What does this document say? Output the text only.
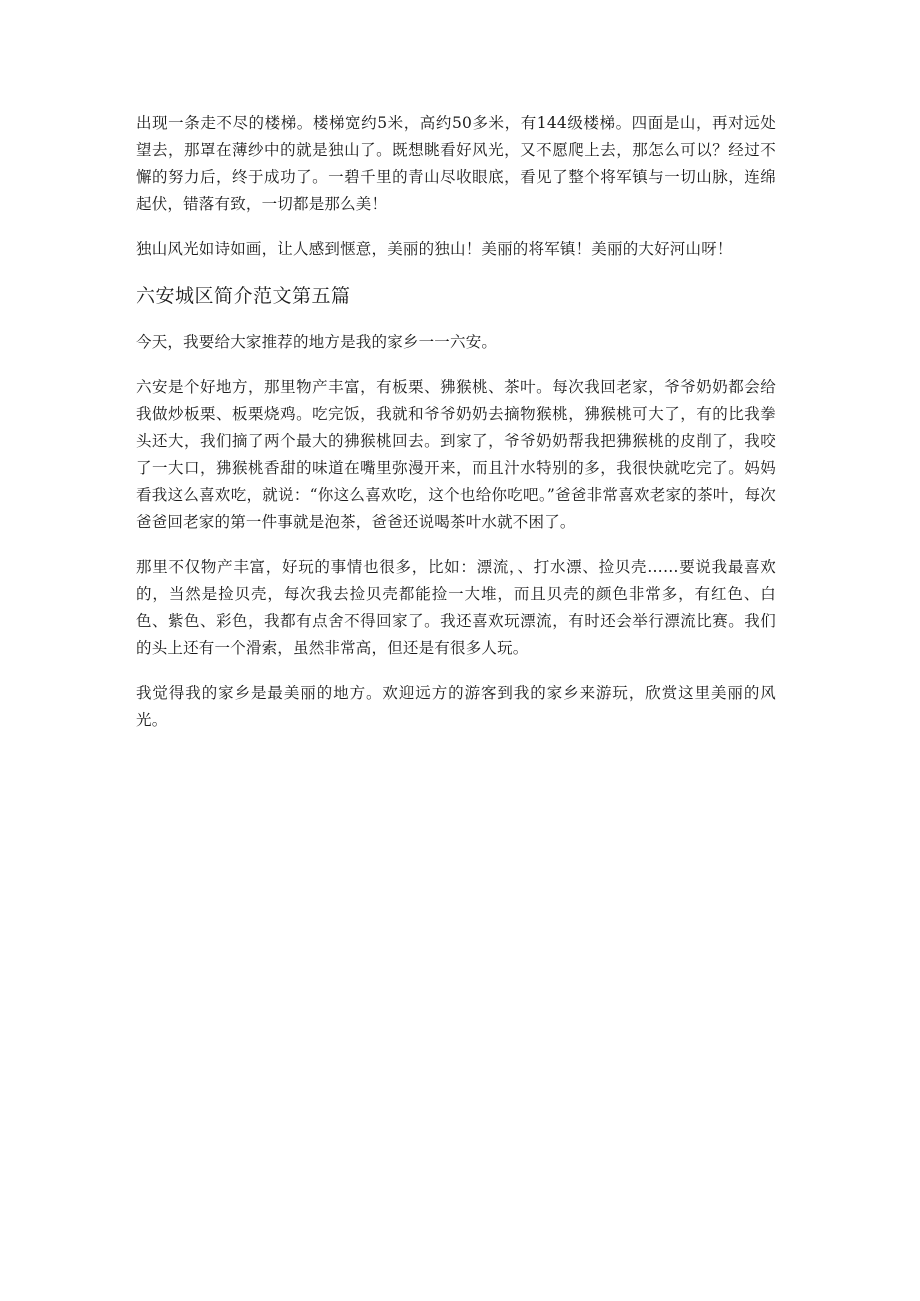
出现一条走不尽的楼梯。楼梯宽约5米，高约50多米，有144级楼梯。四面是山，再对远处望去，那罩在薄纱中的就是独山了。既想眺看好风光，又不愿爬上去，那怎么可以？经过不懈的努力后，终于成功了。一碧千里的青山尽收眼底，看见了整个将军镇与一切山脉，连绵起伏，错落有致，一切都是那么美！

独山风光如诗如画，让人感到惬意，美丽的独山！美丽的将军镇！美丽的大好河山呀！

六安城区简介范文第五篇

今天，我要给大家推荐的地方是我的家乡一一六安。

六安是个好地方，那里物产丰富，有板栗、狒猴桃、茶叶。每次我回老家，爷爷奶奶都会给我做炒板栗、板栗烧鸡。吃完饭，我就和爷爷奶奶去摘物猴桃，狒猴桃可大了，有的比我拳头还大，我们摘了两个最大的狒猴桃回去。到家了，爷爷奶奶帮我把狒猴桃的皮削了，我咬了一大口，狒猴桃香甜的味道在嘴里弥漫开来，而且汁水特别的多，我很快就吃完了。妈妈看我这么喜欢吃，就说：“你这么喜欢吃，这个也给你吃吧。”爸爸非常喜欢老家的茶叶，每次爸爸回老家的第一件事就是泡茶，爸爸还说喝茶叶水就不困了。

那里不仅物产丰富，好玩的事情也很多，比如：漂流，、打水漂、捡贝壳……要说我最喜欢的，当然是捡贝壳，每次我去捡贝壳都能捡一大堆，而且贝壳的颜色非常多，有红色、白色、紫色、彩色，我都有点舍不得回家了。我还喜欢玩漂流，有时还会举行漂流比赛。我们的头上还有一个滑索，虽然非常高，但还是有很多人玩。

我觉得我的家乡是最美丽的地方。欢迎远方的游客到我的家乡来游玩，欣赏这里美丽的风光。
